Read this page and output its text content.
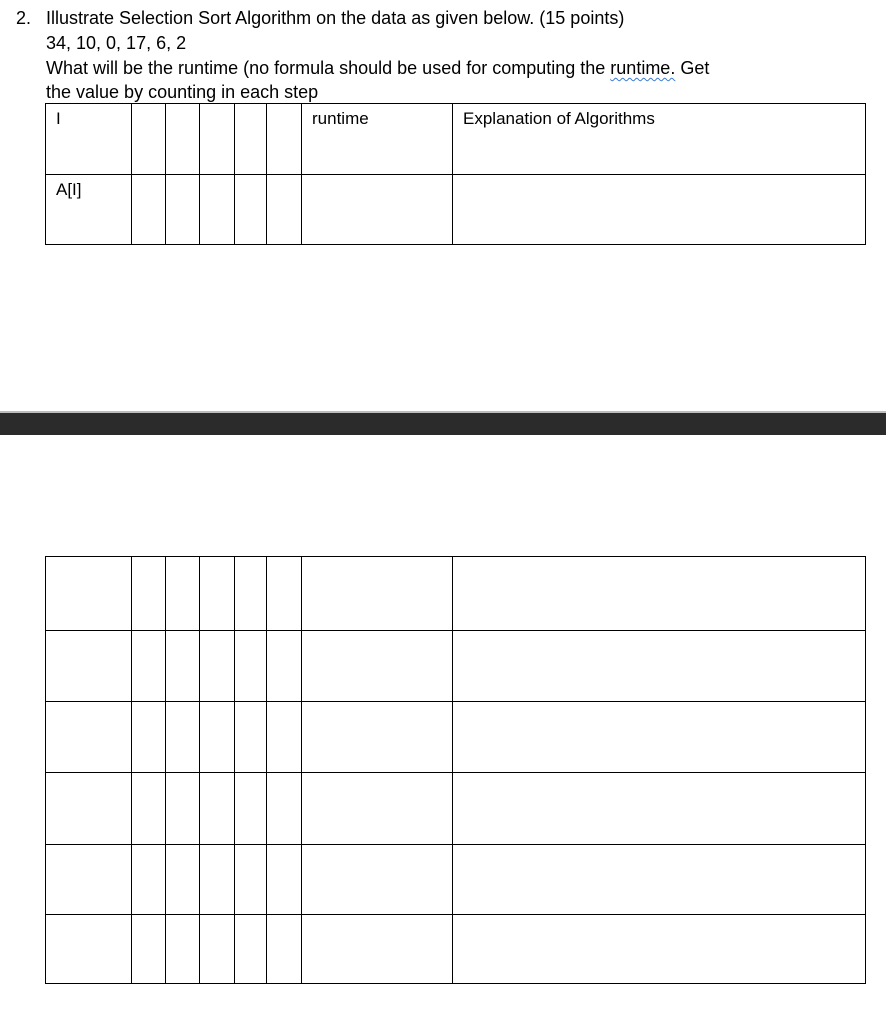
2. Illustrate Selection Sort Algorithm on the data as given below. (15 points)
34, 10, 0, 17, 6, 2
What will be the runtime (no formula should be used for computing the runtime. Get
the value by counting in each step
I						runtime	Explanation of Algorithms

A[I]							
